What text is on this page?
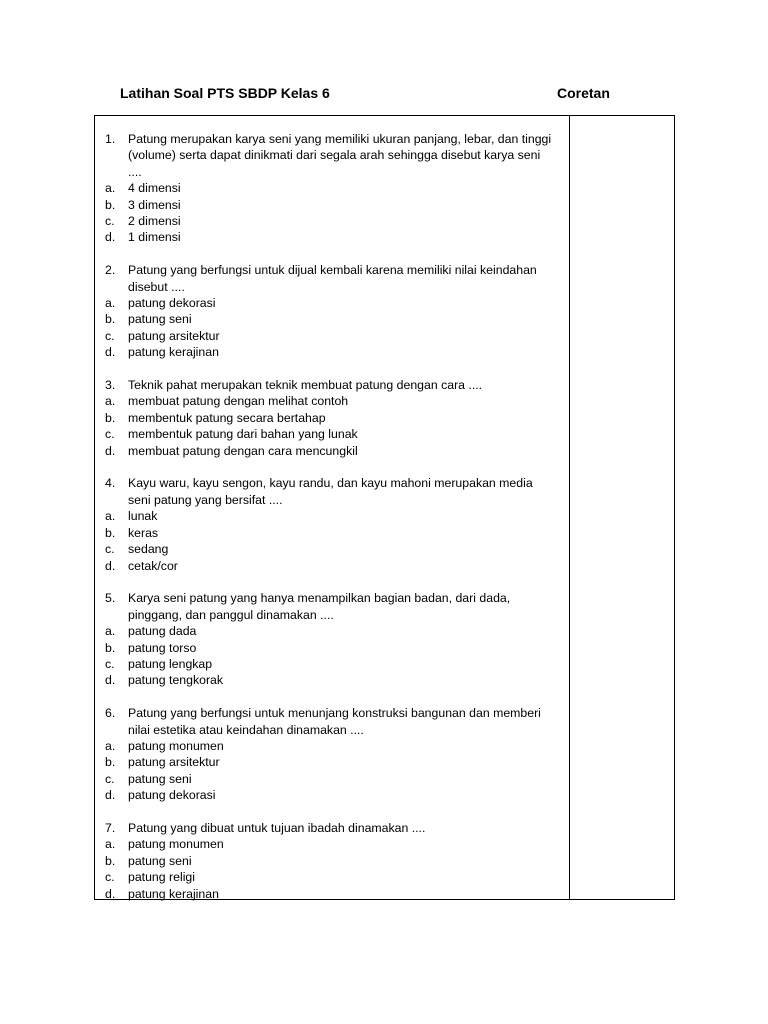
Latihan Soal PTS SBDP Kelas 6	Coretan
1. Patung merupakan karya seni yang memiliki ukuran panjang, lebar, dan tinggi (volume) serta dapat dinikmati dari segala arah sehingga disebut karya seni ....
a. 4 dimensi
b. 3 dimensi
c. 2 dimensi
d. 1 dimensi
2. Patung yang berfungsi untuk dijual kembali karena memiliki nilai keindahan disebut ....
a. patung dekorasi
b. patung seni
c. patung arsitektur
d. patung kerajinan
3. Teknik pahat merupakan teknik membuat patung dengan cara ....
a. membuat patung dengan melihat contoh
b. membentuk patung secara bertahap
c. membentuk patung dari bahan yang lunak
d. membuat patung dengan cara mencungkil
4. Kayu waru, kayu sengon, kayu randu, dan kayu mahoni merupakan media seni patung yang bersifat ....
a. lunak
b. keras
c. sedang
d. cetak/cor
5. Karya seni patung yang hanya menampilkan bagian badan, dari dada, pinggang, dan panggul dinamakan ....
a. patung dada
b. patung torso
c. patung lengkap
d. patung tengkorak
6. Patung yang berfungsi untuk menunjang konstruksi bangunan dan memberi nilai estetika atau keindahan dinamakan ....
a. patung monumen
b. patung arsitektur
c. patung seni
d. patung dekorasi
7. Patung yang dibuat untuk tujuan ibadah dinamakan ....
a. patung monumen
b. patung seni
c. patung religi
d. patung kerajinan
